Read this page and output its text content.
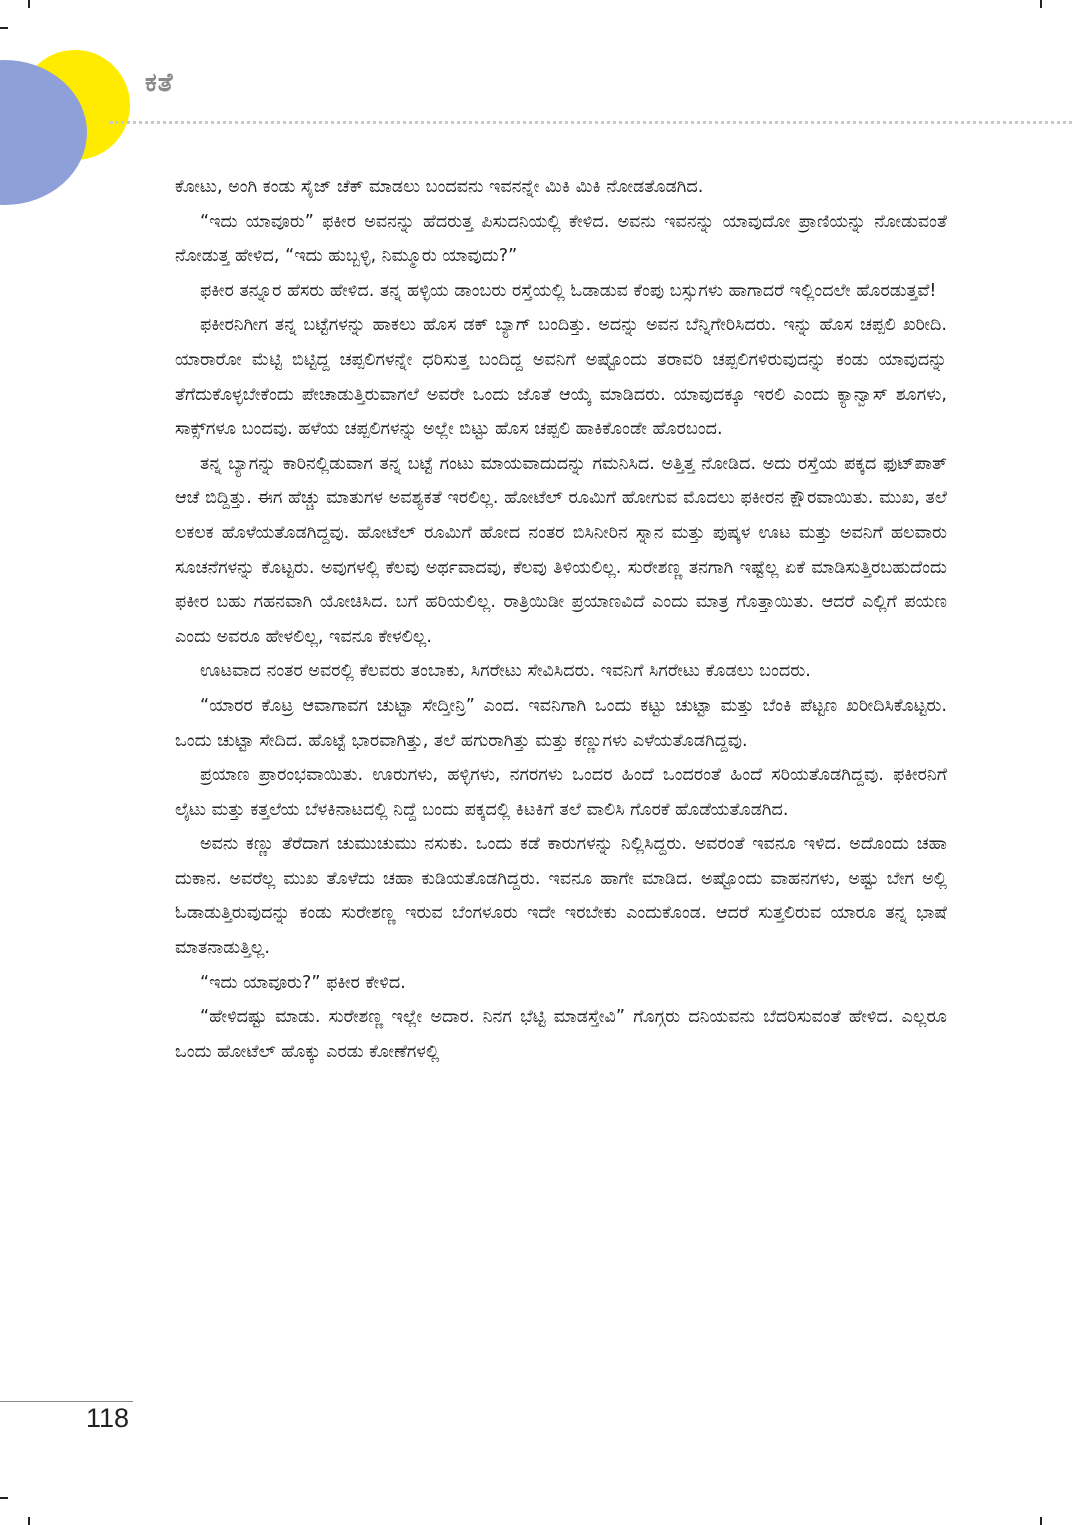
ಕತೆ

ಕೋಟು, ಅಂಗಿ ಕಂಡು ಸೈಜ್ ಚೆಕ್ ಮಾಡಲು ಬಂದವನು ಇವನನ್ನೇ ಮಿಕಿ ಮಿಕಿ ನೋಡತೊಡಗಿದ.

“ಇದು ಯಾವೂರು” ಫಕೀರ ಅವನನ್ನು ಹೆದರುತ್ತ ಪಿಸುದನಿಯಲ್ಲಿ ಕೇಳಿದ. ಅವನು ಇವನನ್ನು ಯಾವುದೋ ಪ್ರಾಣಿಯನ್ನು ನೋಡುವಂತೆ ನೋಡುತ್ತ ಹೇಳಿದ, “ಇದು ಹುಬ್ಬಳ್ಳಿ, ನಿಮ್ಮೂರು ಯಾವುದು?”

ಫಕೀರ ತನ್ನೂರ ಹೆಸರು ಹೇಳಿದ. ತನ್ನ ಹಳ್ಳಿಯ ಡಾಂಬರು ರಸ್ತೆಯಲ್ಲಿ ಓಡಾಡುವ ಕೆಂಪು ಬಸ್ಸುಗಳು ಹಾಗಾದರೆ ಇಲ್ಲಿಂದಲೇ ಹೊರಡುತ್ತವೆ!

ಫಕೀರನಿಗೀಗ ತನ್ನ ಬಟ್ಟೆಗಳನ್ನು ಹಾಕಲು ಹೊಸ ಡಕ್ ಬ್ಯಾಗ್ ಬಂದಿತ್ತು. ಅದನ್ನು ಅವನ ಬೆನ್ನಿಗೇರಿಸಿದರು. ಇನ್ನು ಹೊಸ ಚಪ್ಪಲಿ ಖರೀದಿ. ಯಾರಾರೋ ಮೆಟ್ಟಿ ಬಿಟ್ಟಿದ್ದ ಚಪ್ಪಲಿಗಳನ್ನೇ ಧರಿಸುತ್ತ ಬಂದಿದ್ದ ಅವನಿಗೆ ಅಷ್ಟೊಂದು ತರಾವರಿ ಚಪ್ಪಲಿಗಳಿರುವುದನ್ನು ಕಂಡು ಯಾವುದನ್ನು ತೆಗೆದುಕೊಳ್ಳಬೇಕೆಂದು ಪೇಚಾಡುತ್ತಿರುವಾಗಲೆ ಅವರೇ ಒಂದು ಜೊತೆ ಆಯ್ಕೆ ಮಾಡಿದರು. ಯಾವುದಕ್ಕೂ ಇರಲಿ ಎಂದು ಕ್ಯಾನ್ವಾಸ್ ಶೂಗಳು, ಸಾಕ್ಸ್‌ಗಳೂ ಬಂದವು. ಹಳೆಯ ಚಪ್ಪಲಿಗಳನ್ನು ಅಲ್ಲೇ ಬಿಟ್ಟು ಹೊಸ ಚಪ್ಪಲಿ ಹಾಕಿಕೊಂಡೇ ಹೊರಬಂದ.

ತನ್ನ ಬ್ಯಾಗನ್ನು ಕಾರಿನಲ್ಲಿಡುವಾಗ ತನ್ನ ಬಟ್ಟೆ ಗಂಟು ಮಾಯವಾದುದನ್ನು ಗಮನಿಸಿದ. ಅತ್ತಿತ್ತ ನೋಡಿದ. ಅದು ರಸ್ತೆಯ ಪಕ್ಕದ ಫುಟ್‌ಪಾತ್ ಆಚೆ ಬಿದ್ದಿತ್ತು. ಈಗ ಹೆಚ್ಚು ಮಾತುಗಳ ಅವಶ್ಯಕತೆ ಇರಲಿಲ್ಲ. ಹೋಟೆಲ್ ರೂಮಿಗೆ ಹೋಗುವ ಮೊದಲು ಫಕೀರನ ಕ್ಷೌರವಾಯಿತು. ಮುಖ, ತಲೆ ಲಕಲಕ ಹೊಳೆಯತೊಡಗಿದ್ದವು. ಹೋಟೆಲ್ ರೂಮಿಗೆ ಹೋದ ನಂತರ ಬಿಸಿನೀರಿನ ಸ್ನಾನ ಮತ್ತು ಪುಷ್ಕಳ ಊಟ ಮತ್ತು ಅವನಿಗೆ ಹಲವಾರು ಸೂಚನೆಗಳನ್ನು ಕೊಟ್ಟರು. ಅವುಗಳಲ್ಲಿ ಕೆಲವು ಅರ್ಥವಾದವು, ಕೆಲವು ತಿಳಿಯಲಿಲ್ಲ. ಸುರೇಶಣ್ಣ ತನಗಾಗಿ ಇಷ್ಟೆಲ್ಲ ಏಕೆ ಮಾಡಿಸುತ್ತಿರಬಹುದೆಂದು ಫಕೀರ ಬಹು ಗಹನವಾಗಿ ಯೋಚಿಸಿದ. ಬಗೆ ಹರಿಯಲಿಲ್ಲ. ರಾತ್ರಿಯಿಡೀ ಪ್ರಯಾಣವಿದೆ ಎಂದು ಮಾತ್ರ ಗೊತ್ತಾಯಿತು. ಆದರೆ ಎಲ್ಲಿಗೆ ಪಯಣ ಎಂದು ಅವರೂ ಹೇಳಲಿಲ್ಲ, ಇವನೂ ಕೇಳಲಿಲ್ಲ.

ಊಟವಾದ ನಂತರ ಅವರಲ್ಲಿ ಕೆಲವರು ತಂಬಾಕು, ಸಿಗರೇಟು ಸೇವಿಸಿದರು. ಇವನಿಗೆ ಸಿಗರೇಟು ಕೊಡಲು ಬಂದರು.

“ಯಾರರ ಕೊಟ್ರ ಆವಾಗಾವಗ ಚುಟ್ಟಾ ಸೇದ್ತೀನ್ರಿ” ಎಂದ. ಇವನಿಗಾಗಿ ಒಂದು ಕಟ್ಟು ಚುಟ್ಟಾ ಮತ್ತು ಬೆಂಕಿ ಪೆಟ್ಟಣ ಖರೀದಿಸಿಕೊಟ್ಟರು. ಒಂದು ಚುಟ್ಟಾ ಸೇದಿದ. ಹೊಟ್ಟೆ ಭಾರವಾಗಿತ್ತು, ತಲೆ ಹಗುರಾಗಿತ್ತು ಮತ್ತು ಕಣ್ಣುಗಳು ಎಳೆಯತೊಡಗಿದ್ದವು.

ಪ್ರಯಾಣ ಪ್ರಾರಂಭವಾಯಿತು. ಊರುಗಳು, ಹಳ್ಳಿಗಳು, ನಗರಗಳು ಒಂದರ ಹಿಂದೆ ಒಂದರಂತೆ ಹಿಂದೆ ಸರಿಯತೊಡಗಿದ್ದವು. ಫಕೀರನಿಗೆ ಲೈಟು ಮತ್ತು ಕತ್ತಲೆಯ ಬೆಳಕಿನಾಟದಲ್ಲಿ ನಿದ್ದೆ ಬಂದು ಪಕ್ಕದಲ್ಲಿ ಕಿಟಕಿಗೆ ತಲೆ ವಾಲಿಸಿ ಗೊರಕೆ ಹೊಡೆಯತೊಡಗಿದ.

ಅವನು ಕಣ್ಣು ತೆರೆದಾಗ ಚುಮುಚುಮು ನಸುಕು. ಒಂದು ಕಡೆ ಕಾರುಗಳನ್ನು ನಿಲ್ಲಿಸಿದ್ದರು. ಅವರಂತೆ ಇವನೂ ಇಳಿದ. ಅದೊಂದು ಚಹಾ ದುಕಾನ. ಅವರೆಲ್ಲ ಮುಖ ತೊಳೆದು ಚಹಾ ಕುಡಿಯತೊಡಗಿದ್ದರು. ಇವನೂ ಹಾಗೇ ಮಾಡಿದ. ಅಷ್ಟೊಂದು ವಾಹನಗಳು, ಅಷ್ಟು ಬೇಗ ಅಲ್ಲಿ ಓಡಾಡುತ್ತಿರುವುದನ್ನು ಕಂಡು ಸುರೇಶಣ್ಣ ಇರುವ ಬೆಂಗಳೂರು ಇದೇ ಇರಬೇಕು ಎಂದುಕೊಂಡ. ಆದರೆ ಸುತ್ತಲಿರುವ ಯಾರೂ ತನ್ನ ಭಾಷೆ ಮಾತನಾಡುತ್ತಿಲ್ಲ.

“ಇದು ಯಾವೂರು?” ಫಕೀರ ಕೇಳಿದ.

“ಹೇಳಿದಷ್ಟು ಮಾಡು. ಸುರೇಶಣ್ಣ ಇಲ್ಲೇ ಅದಾರ. ನಿನಗ ಭೆಟ್ಟಿ ಮಾಡಸ್ತೇವಿ” ಗೊಗ್ಗರು ದನಿಯವನು ಬೆದರಿಸುವಂತೆ ಹೇಳಿದ. ಎಲ್ಲರೂ ಒಂದು ಹೋಟೆಲ್ ಹೊಕ್ಕು ಎರಡು ಕೋಣೆಗಳಲ್ಲಿ

118
